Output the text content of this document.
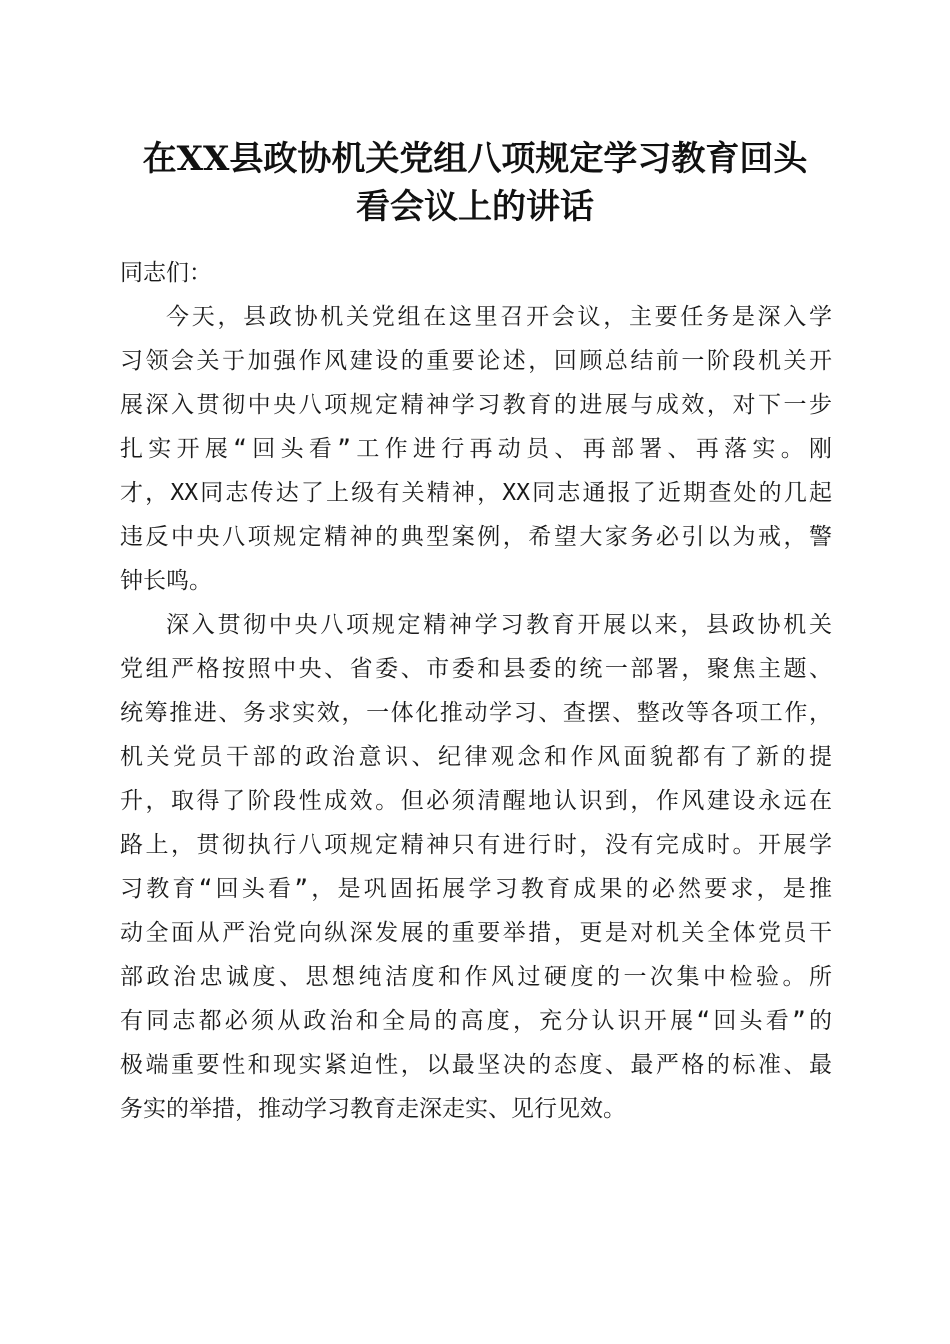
在XX县政协机关党组八项规定学习教育回头
看会议上的讲话
同志们：
今天，县政协机关党组在这里召开会议，主要任务是深入学
习领会关于加强作风建设的重要论述，回顾总结前一阶段机关开
展深入贯彻中央八项规定精神学习教育的进展与成效，对下一步
扎实开展“回头看”工作进行再动员、再部署、再落实。刚
才，XX同志传达了上级有关精神，XX同志通报了近期查处的几起
违反中央八项规定精神的典型案例，希望大家务必引以为戒，警
钟长鸣。
深入贯彻中央八项规定精神学习教育开展以来，县政协机关
党组严格按照中央、省委、市委和县委的统一部署，聚焦主题、
统筹推进、务求实效，一体化推动学习、查摆、整改等各项工作，
机关党员干部的政治意识、纪律观念和作风面貌都有了新的提
升，取得了阶段性成效。但必须清醒地认识到，作风建设永远在
路上，贯彻执行八项规定精神只有进行时，没有完成时。开展学
习教育“回头看”，是巩固拓展学习教育成果的必然要求，是推
动全面从严治党向纵深发展的重要举措，更是对机关全体党员干
部政治忠诚度、思想纯洁度和作风过硬度的一次集中检验。所
有同志都必须从政治和全局的高度，充分认识开展“回头看”的
极端重要性和现实紧迫性，以最坚决的态度、最严格的标准、最
务实的举措，推动学习教育走深走实、见行见效。
